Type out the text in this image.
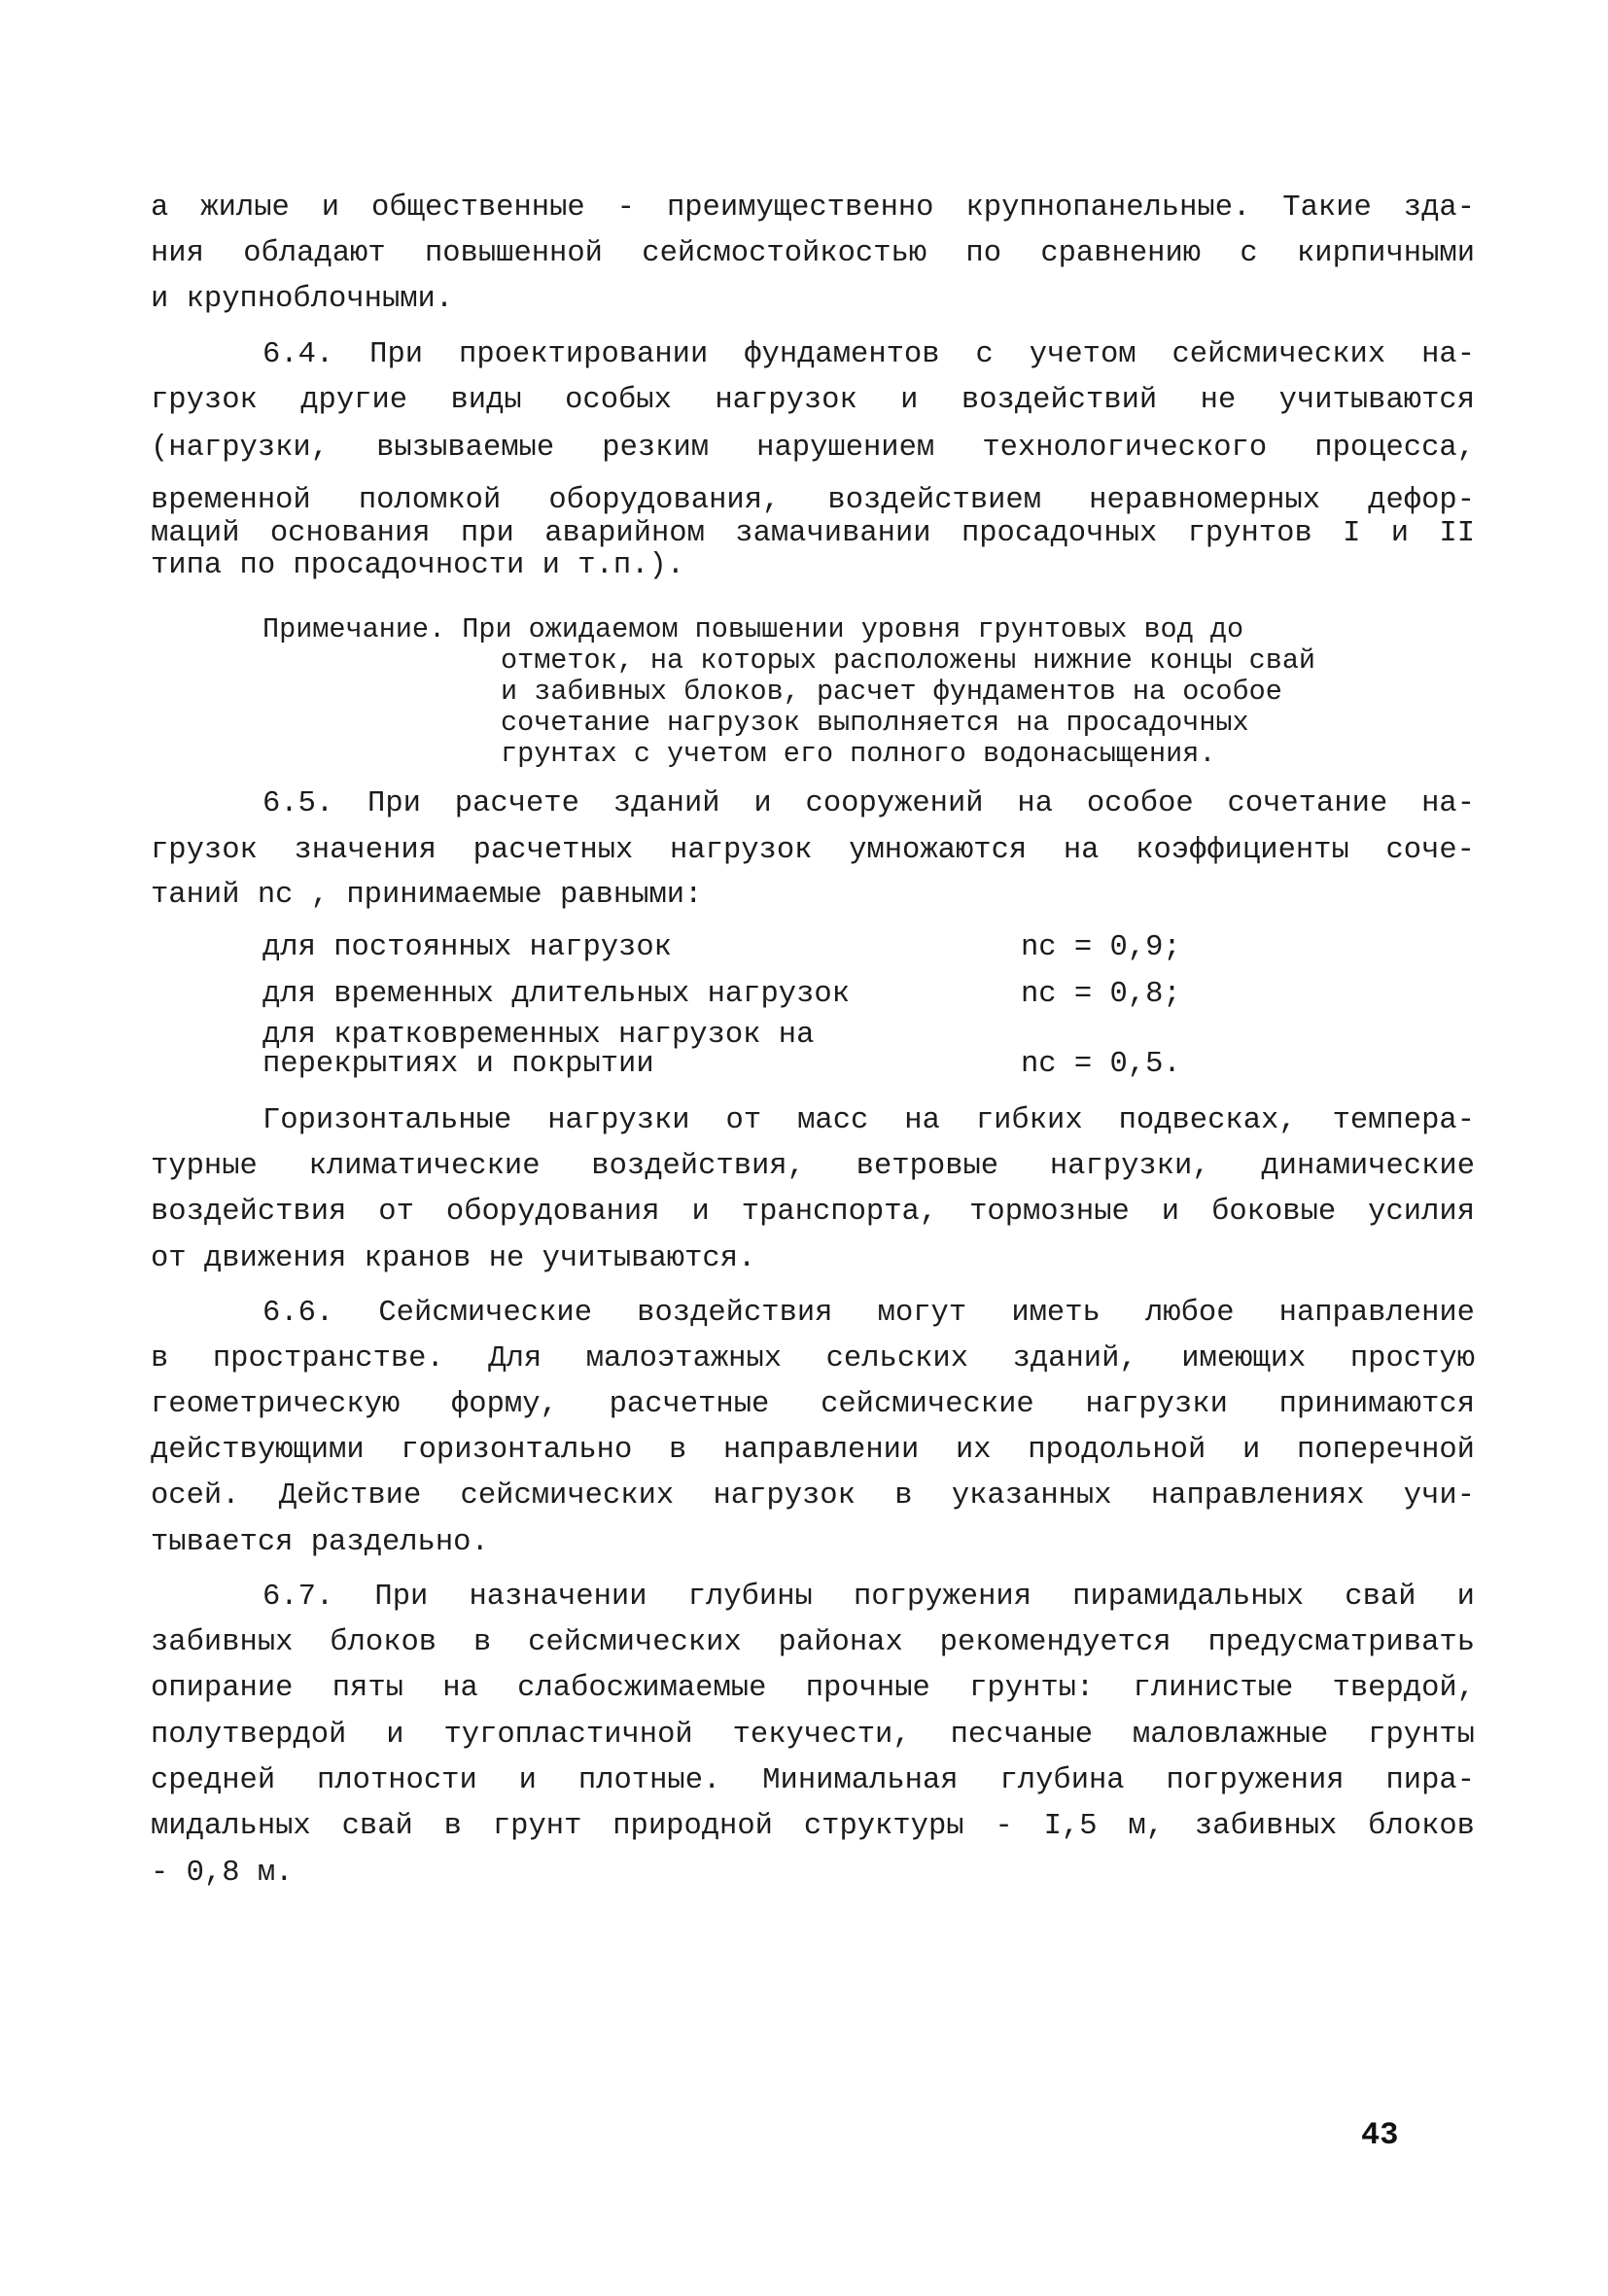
а жилые и общественные - преимущественно крупнопанельные. Такие зда-
ния обладают повышенной сейсмостойкостью по сравнению с кирпичными
и крупноблочными.
6.4. При проектировании фундаментов с учетом сейсмических на-
грузок другие виды особых нагрузок и воздействий не учитываются
(нагрузки, вызываемые резким нарушением технологического процесса,
временной поломкой оборудования, воздействием неравномерных дефор-
маций основания при аварийном замачивании просадочных грунтов I и II
типа по просадочности и т.п.).
Примечание. При ожидаемом повышении уровня грунтовых вод до
отметок, на которых расположены нижние концы свай
и забивных блоков, расчет фундаментов на особое
сочетание нагрузок выполняется на просадочных
грунтах с учетом его полного водонасыщения.
6.5. При расчете зданий и сооружений на особое сочетание на-
грузок значения расчетных нагрузок умножаются на коэффициенты соче-
таний nc , принимаемые равными:
для постоянных нагрузок	nc = 0,9;
для временных длительных нагрузок	nc = 0,8;
для кратковременных нагрузок на
перекрытиях и покрытии	nc = 0,5.
Горизонтальные нагрузки от масс на гибких подвесках, темпера-
турные климатические воздействия, ветровые нагрузки, динамические
воздействия от оборудования и транспорта, тормозные и боковые усилия
от движения кранов не учитываются.
6.6. Сейсмические воздействия могут иметь любое направление
в пространстве. Для малоэтажных сельских зданий, имеющих простую
геометрическую форму, расчетные сейсмические нагрузки принимаются
действующими горизонтально в направлении их продольной и поперечной
осей. Действие сейсмических нагрузок в указанных направлениях учи-
тывается раздельно.
6.7. При назначении глубины погружения пирамидальных свай и
забивных блоков в сейсмических районах рекомендуется предусматривать
опирание пяты на слабосжимаемые прочные грунты: глинистые твердой,
полутвердой и тугопластичной текучести, песчаные маловлажные грунты
средней плотности и плотные. Минимальная глубина погружения пира-
мидальных свай в грунт природной структуры - I,5 м, забивных блоков
- 0,8 м.
43
